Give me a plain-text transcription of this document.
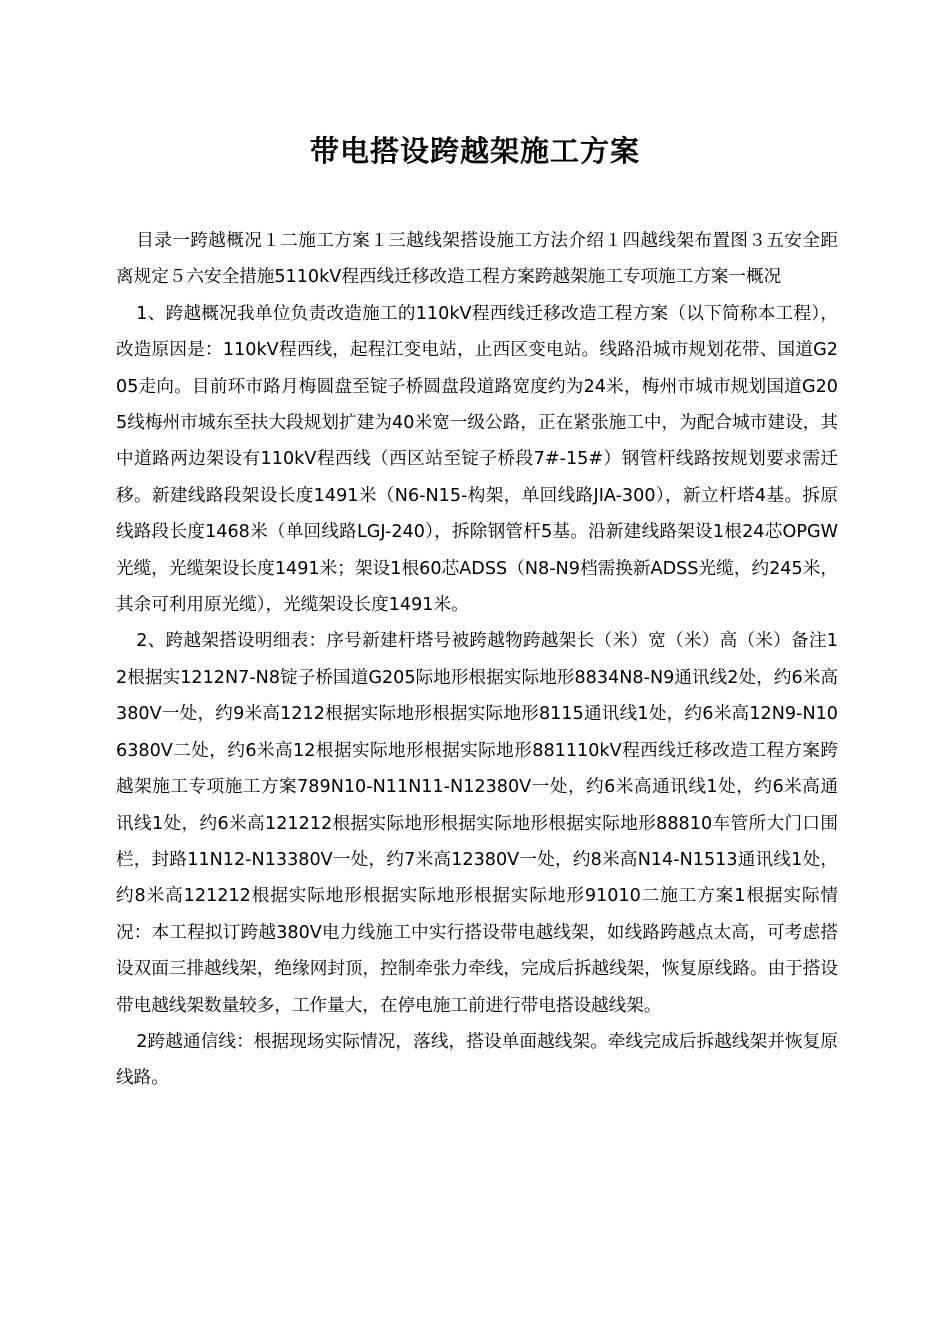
带电搭设跨越架施工方案

目录一跨越概况１二施工方案１三越线架搭设施工方法介绍１四越线架布置图３五安全距离规定５六安全措施5110kV程西线迁移改造工程方案跨越架施工专项施工方案一概况

1、跨越概况我单位负责改造施工的110kV程西线迁移改造工程方案（以下简称本工程），改造原因是：110kV程西线，起程江变电站，止西区变电站。线路沿城市规划花带、国道G205走向。目前环市路月梅圆盘至锭子桥圆盘段道路宽度约为24米，梅州市城市规划国道G205线梅州市城东至扶大段规划扩建为40米宽一级公路，正在紧张施工中，为配合城市建设，其中道路两边架设有110kV程西线（西区站至锭子桥段7#-15#）钢管杆线路按规划要求需迁移。新建线路段架设长度1491米（N6-N15-构架，单回线路JIA-300），新立杆塔4基。拆原线路段长度1468米（单回线路LGJ-240），拆除钢管杆5基。沿新建线路架设1根24芯OPGW光缆，光缆架设长度1491米；架设1根60芯ADSS（N8-N9档需换新ADSS光缆，约245米，其余可利用原光缆），光缆架设长度1491米。

2、跨越架搭设明细表：序号新建杆塔号被跨越物跨越架长（米）宽（米）高（米）备注12根据实1212N7-N8锭子桥国道G205际地形根据实际地形8834N8-N9通讯线2处，约6米高380V一处，约9米高1212根据实际地形根据实际地形8115通讯线1处，约6米高12N9-N106380V二处，约6米高12根据实际地形根据实际地形881110kV程西线迁移改造工程方案跨越架施工专项施工方案789N10-N11N11-N12380V一处，约6米高通讯线1处，约6米高通讯线1处，约6米高121212根据实际地形根据实际地形根据实际地形88810车管所大门口围栏，封路11N12-N13380V一处，约7米高12380V一处，约8米高N14-N1513通讯线1处，约8米高121212根据实际地形根据实际地形根据实际地形91010二施工方案1根据实际情况：本工程拟订跨越380V电力线施工中实行搭设带电越线架，如线路跨越点太高，可考虑搭设双面三排越线架，绝缘网封顶，控制牵张力牵线，完成后拆越线架，恢复原线路。由于搭设带电越线架数量较多，工作量大，在停电施工前进行带电搭设越线架。

2跨越通信线：根据现场实际情况，落线，搭设单面越线架。牵线完成后拆越线架并恢复原线路。
